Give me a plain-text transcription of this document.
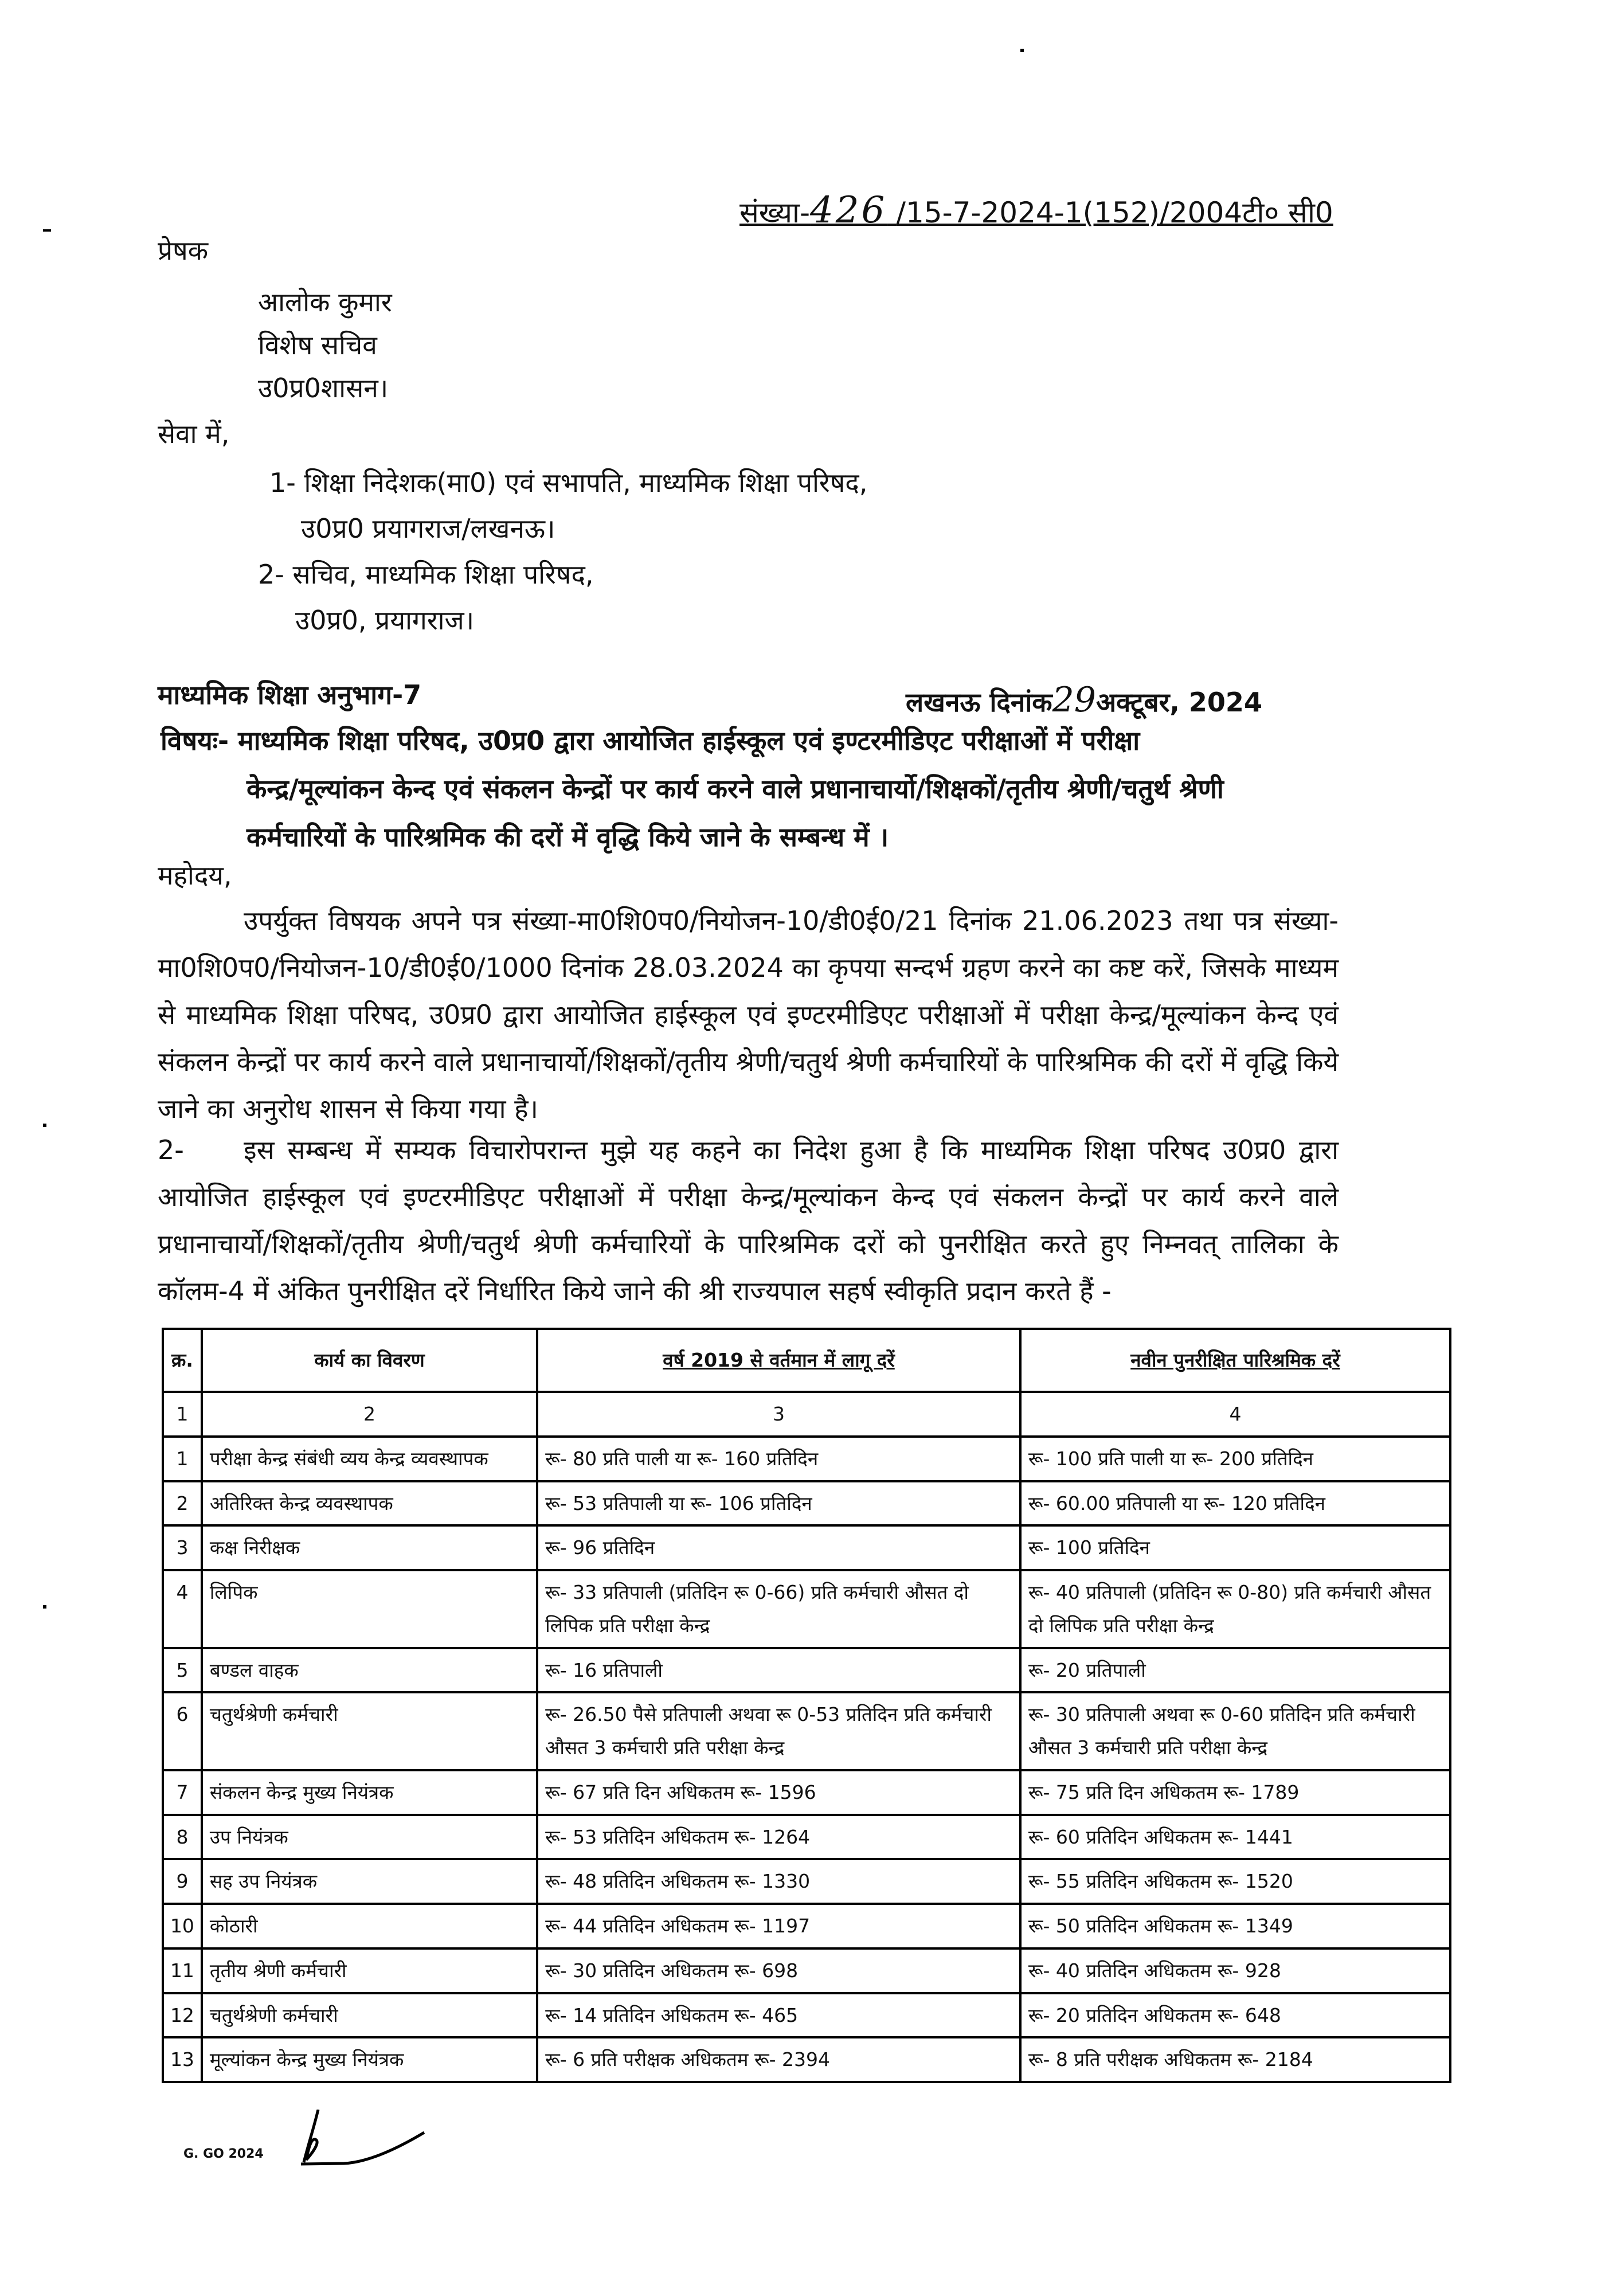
संख्या-426 /15-7-2024-1(152)/2004टी० सी0
प्रेषक
आलोक कुमार
विशेष सचिव
उ0प्र0शासन।
सेवा में,
1- शिक्षा निदेशक(मा0) एवं सभापति, माध्यमिक शिक्षा परिषद,
उ0प्र0 प्रयागराज/लखनऊ।
2- सचिव, माध्यमिक शिक्षा परिषद,
उ0प्र0, प्रयागराज।
माध्यमिक शिक्षा अनुभाग-7	लखनऊ दिनांक29अक्टूबर, 2024
विषयः- माध्यमिक शिक्षा परिषद, उ0प्र0 द्वारा आयोजित हाईस्कूल एवं इण्टरमीडिएट परीक्षाओं में परीक्षा
केन्द्र/मूल्यांकन केन्द एवं संकलन केन्द्रों पर कार्य करने वाले प्रधानाचार्यो/शिक्षकों/तृतीय श्रेणी/चतुर्थ श्रेणी
कर्मचारियों के पारिश्रमिक की दरों में वृद्धि किये जाने के सम्बन्ध में ।
महोदय,
उपर्युक्त विषयक अपने पत्र संख्या-मा0शि0प0/नियोजन-10/डी0ई0/21 दिनांक 21.06.2023 तथा पत्र संख्या- मा0शि0प0/नियोजन-10/डी0ई0/1000 दिनांक 28.03.2024 का कृपया सन्दर्भ ग्रहण करने का कष्ट करें, जिसके माध्यम से माध्यमिक शिक्षा परिषद, उ0प्र0 द्वारा आयोजित हाईस्कूल एवं इण्टरमीडिएट परीक्षाओं में परीक्षा केन्द्र/मूल्यांकन केन्द एवं संकलन केन्द्रों पर कार्य करने वाले प्रधानाचार्यो/शिक्षकों/तृतीय श्रेणी/चतुर्थ श्रेणी कर्मचारियों के पारिश्रमिक की दरों में वृद्धि किये जाने का अनुरोध शासन से किया गया है।
2- इस सम्बन्ध में सम्यक विचारोपरान्त मुझे यह कहने का निदेश हुआ है कि माध्यमिक शिक्षा परिषद उ0प्र0 द्वारा आयोजित हाईस्कूल एवं इण्टरमीडिएट परीक्षाओं में परीक्षा केन्द्र/मूल्यांकन केन्द एवं संकलन केन्द्रों पर कार्य करने वाले प्रधानाचार्यो/शिक्षकों/तृतीय श्रेणी/चतुर्थ श्रेणी कर्मचारियों के पारिश्रमिक दरों को पुनरीक्षित करते हुए निम्नवत् तालिका के कॉलम-4 में अंकित पुनरीक्षित दरें निर्धारित किये जाने की श्री राज्यपाल सहर्ष स्वीकृति प्रदान करते हैं -
क्र.	कार्य का विवरण	वर्ष 2019 से वर्तमान में लागू दरें	नवीन पुनरीक्षित पारिश्रमिक दरें
1	2	3	4
1	परीक्षा केन्द्र संबंधी व्यय केन्द्र व्यवस्थापक	रू- 80 प्रति पाली या रू- 160 प्रतिदिन	रू- 100 प्रति पाली या रू- 200 प्रतिदिन
2	अतिरिक्त केन्द्र व्यवस्थापक	रू- 53 प्रतिपाली या रू- 106 प्रतिदिन	रू- 60.00 प्रतिपाली या रू- 120 प्रतिदिन
3	कक्ष निरीक्षक	रू- 96 प्रतिदिन	रू- 100 प्रतिदिन
4	लिपिक	रू- 33 प्रतिपाली (प्रतिदिन रू 0-66) प्रति कर्मचारी औसत दो लिपिक प्रति परीक्षा केन्द्र	रू- 40 प्रतिपाली (प्रतिदिन रू 0-80) प्रति कर्मचारी औसत दो लिपिक प्रति परीक्षा केन्द्र
5	बण्डल वाहक	रू- 16 प्रतिपाली	रू- 20 प्रतिपाली
6	चतुर्थश्रेणी कर्मचारी	रू- 26.50 पैसे प्रतिपाली अथवा रू 0-53 प्रतिदिन प्रति कर्मचारी औसत 3 कर्मचारी प्रति परीक्षा केन्द्र	रू- 30 प्रतिपाली अथवा रू 0-60 प्रतिदिन प्रति कर्मचारी औसत 3 कर्मचारी प्रति परीक्षा केन्द्र
7	संकलन केन्द्र मुख्य नियंत्रक	रू- 67 प्रति दिन अधिकतम रू- 1596	रू- 75 प्रति दिन अधिकतम रू- 1789
8	उप नियंत्रक	रू- 53 प्रतिदिन अधिकतम रू- 1264	रू- 60 प्रतिदिन अधिकतम रू- 1441
9	सह उप नियंत्रक	रू- 48 प्रतिदिन अधिकतम रू- 1330	रू- 55 प्रतिदिन अधिकतम रू- 1520
10	कोठारी	रू- 44 प्रतिदिन अधिकतम रू- 1197	रू- 50 प्रतिदिन अधिकतम रू- 1349
11	तृतीय श्रेणी कर्मचारी	रू- 30 प्रतिदिन अधिकतम रू- 698	रू- 40 प्रतिदिन अधिकतम रू- 928
12	चतुर्थश्रेणी कर्मचारी	रू- 14 प्रतिदिन अधिकतम रू- 465	रू- 20 प्रतिदिन अधिकतम रू- 648
13	मूल्यांकन केन्द्र मुख्य नियंत्रक	रू- 6 प्रति परीक्षक अधिकतम रू- 2394	रू- 8 प्रति परीक्षक अधिकतम रू- 2184
G. GO 2024
